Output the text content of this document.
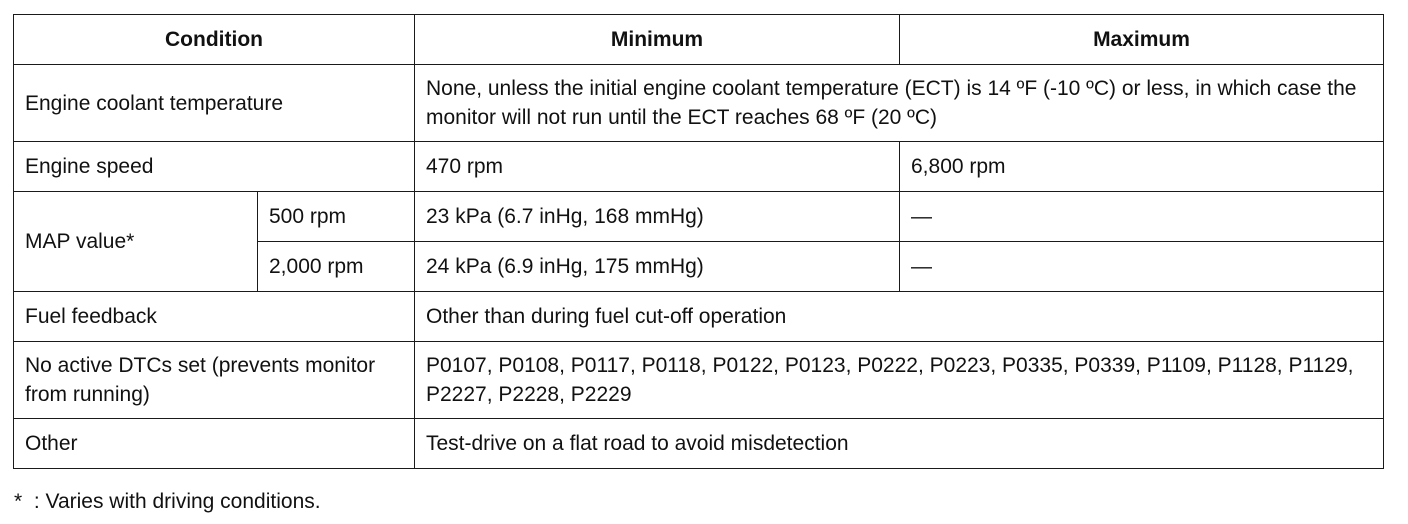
Condition		Minimum	Maximum
Engine coolant temperature		None, unless the initial engine coolant temperature (ECT) is 14 ºF (-10 ºC) or less, in which case the monitor will not run until the ECT reaches 68 ºF (20 ºC)	
Engine speed		470 rpm	6,800 rpm
MAP value*	500 rpm	23 kPa (6.7 inHg, 168 mmHg)	—
	2,000 rpm	24 kPa (6.9 inHg, 175 mmHg)	—
Fuel feedback		Other than during fuel cut-off operation	
No active DTCs set (prevents monitor from running)		P0107, P0108, P0117, P0118, P0122, P0123, P0222, P0223, P0335, P0339, P1109, P1128, P1129, P2227, P2228, P2229	
Other		Test-drive on a flat road to avoid misdetection	
*  : Varies with driving conditions.
